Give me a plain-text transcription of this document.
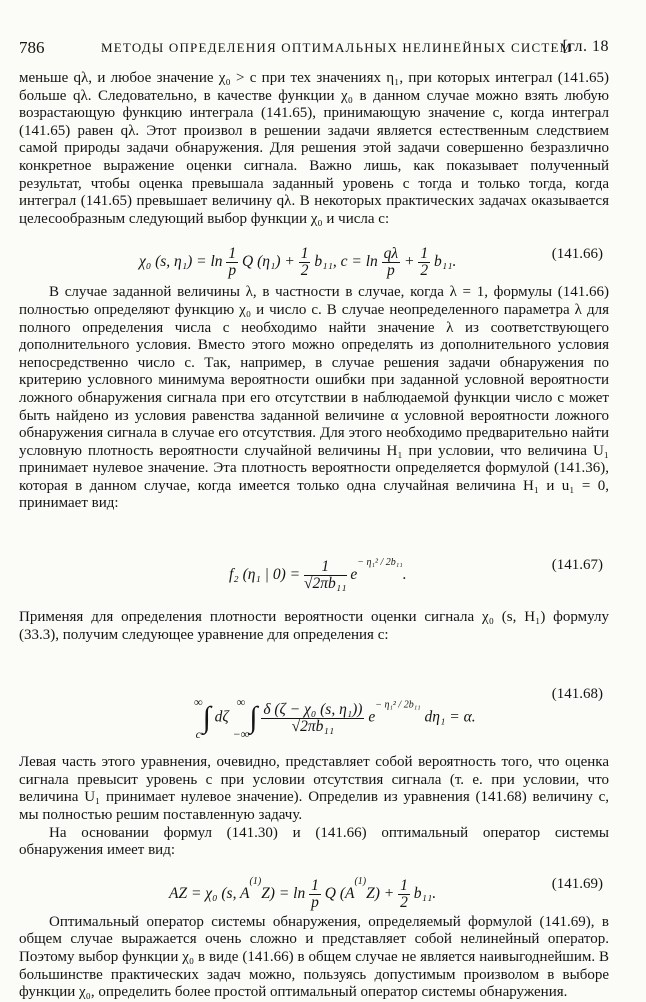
786	МЕТОДЫ ОПРЕДЕЛЕНИЯ ОПТИМАЛЬНЫХ НЕЛИНЕЙНЫХ СИСТЕМ
[гл. 18

меньше qλ, и любое значение χ₀ > c при тех значениях η₁, при которых интеграл (141.65) больше qλ. Следовательно, в качестве функции χ₀ в данном случае можно взять любую возрастающую функцию интеграла (141.65), принимающую значение c, когда интеграл (141.65) равен qλ. Этот произвол в решении задачи является естественным следствием самой природы задачи обнаружения. Для решения этой задачи совершенно безразлично конкретное выражение оценки сигнала. Важно лишь, как показывает полученный результат, чтобы оценка превышала заданный уровень c тогда и только тогда, когда интеграл (141.65) превышает величину qλ. В некоторых практических задачах оказывается целесообразным следующий выбор функции χ₀ и числа c:

χ₀ (s, $\eta_1) = \ln \frac{1}{p}$ Q $(\eta_1) + \frac{1}{2} b_{11}$, $c = \ln \frac{q\lambda}{p} + \frac{1}{2} b_{11}$.	(141.66)

В случае заданной величины λ, в частности в случае, когда λ = 1, формулы (141.66) полностью определяют функцию χ₀ и число c. В случае неопределенного параметра λ для полного определения числа c необходимо найти значение λ из соответствующего дополнительного условия. Вместо этого можно определять из дополнительного условия непосредственно число c. Так, например, в случае решения задачи обнаружения по критерию условного минимума вероятности ошибки при заданной условной вероятности ложного обнаружения сигнала при его отсутствии в наблюдаемой функции число c может быть найдено из условия равенства заданной величине α условной вероятности ложного обнаружения сигнала в случае его отсутствия. Для этого необходимо предварительно найти условную плотность вероятности случайной величины H₁ при условии, что величина U₁ принимает нулевое значение. Эта плотность вероятности определяется формулой (141.36), которая в данном случае, когда имеется только одна случайная величина H₁ и u₁ = 0, принимает вид:

f₂ (η₁ | $0) = \frac{1}{\text{√2πb₁₁}} e^{- \eta_1^2 / 2b_{11}}$.
(141.67)

Применяя для определения плотности вероятности оценки сигнала χ₀ (s, H₁) формулу (33.3), получим следующее уравнение для определения c:

∞
c∫ dζ ∞
−∞∫ $\frac{\text{δ (ζ − χ₀ (s, η₁))}}{\text{√2πb₁₁}} e^{- \eta_1^2 / 2b_{11}}$ dη₁ = α.
(141.68)

Левая часть этого уравнения, очевидно, представляет собой вероятность того, что оценка сигнала превысит уровень c при условии отсутствия сигнала (т. е. при условии, что величина U₁ принимает нулевое значение). Определив из уравнения (141.68) величину c, мы полностью решим поставленную задачу.

На основании формул (141.30) и (141.66) оптимальный оператор системы обнаружения имеет вид:

AZ = χ₀ (s, $A^{(1)}Z) = \ln \frac{1}{p}$ Q $(A^{(1)}Z) + \frac{1}{2} b_{11}$.
(141.69)

Оптимальный оператор системы обнаружения, определяемый формулой (141.69), в общем случае выражается очень сложно и представляет собой нелинейный оператор. Поэтому выбор функции χ₀ в виде (141.66) в общем случае не является наивыгоднейшим. В большинстве практических задач можно, пользуясь допустимым произволом в выборе функции χ₀, определить более простой оптимальный оператор системы обнаружения.
